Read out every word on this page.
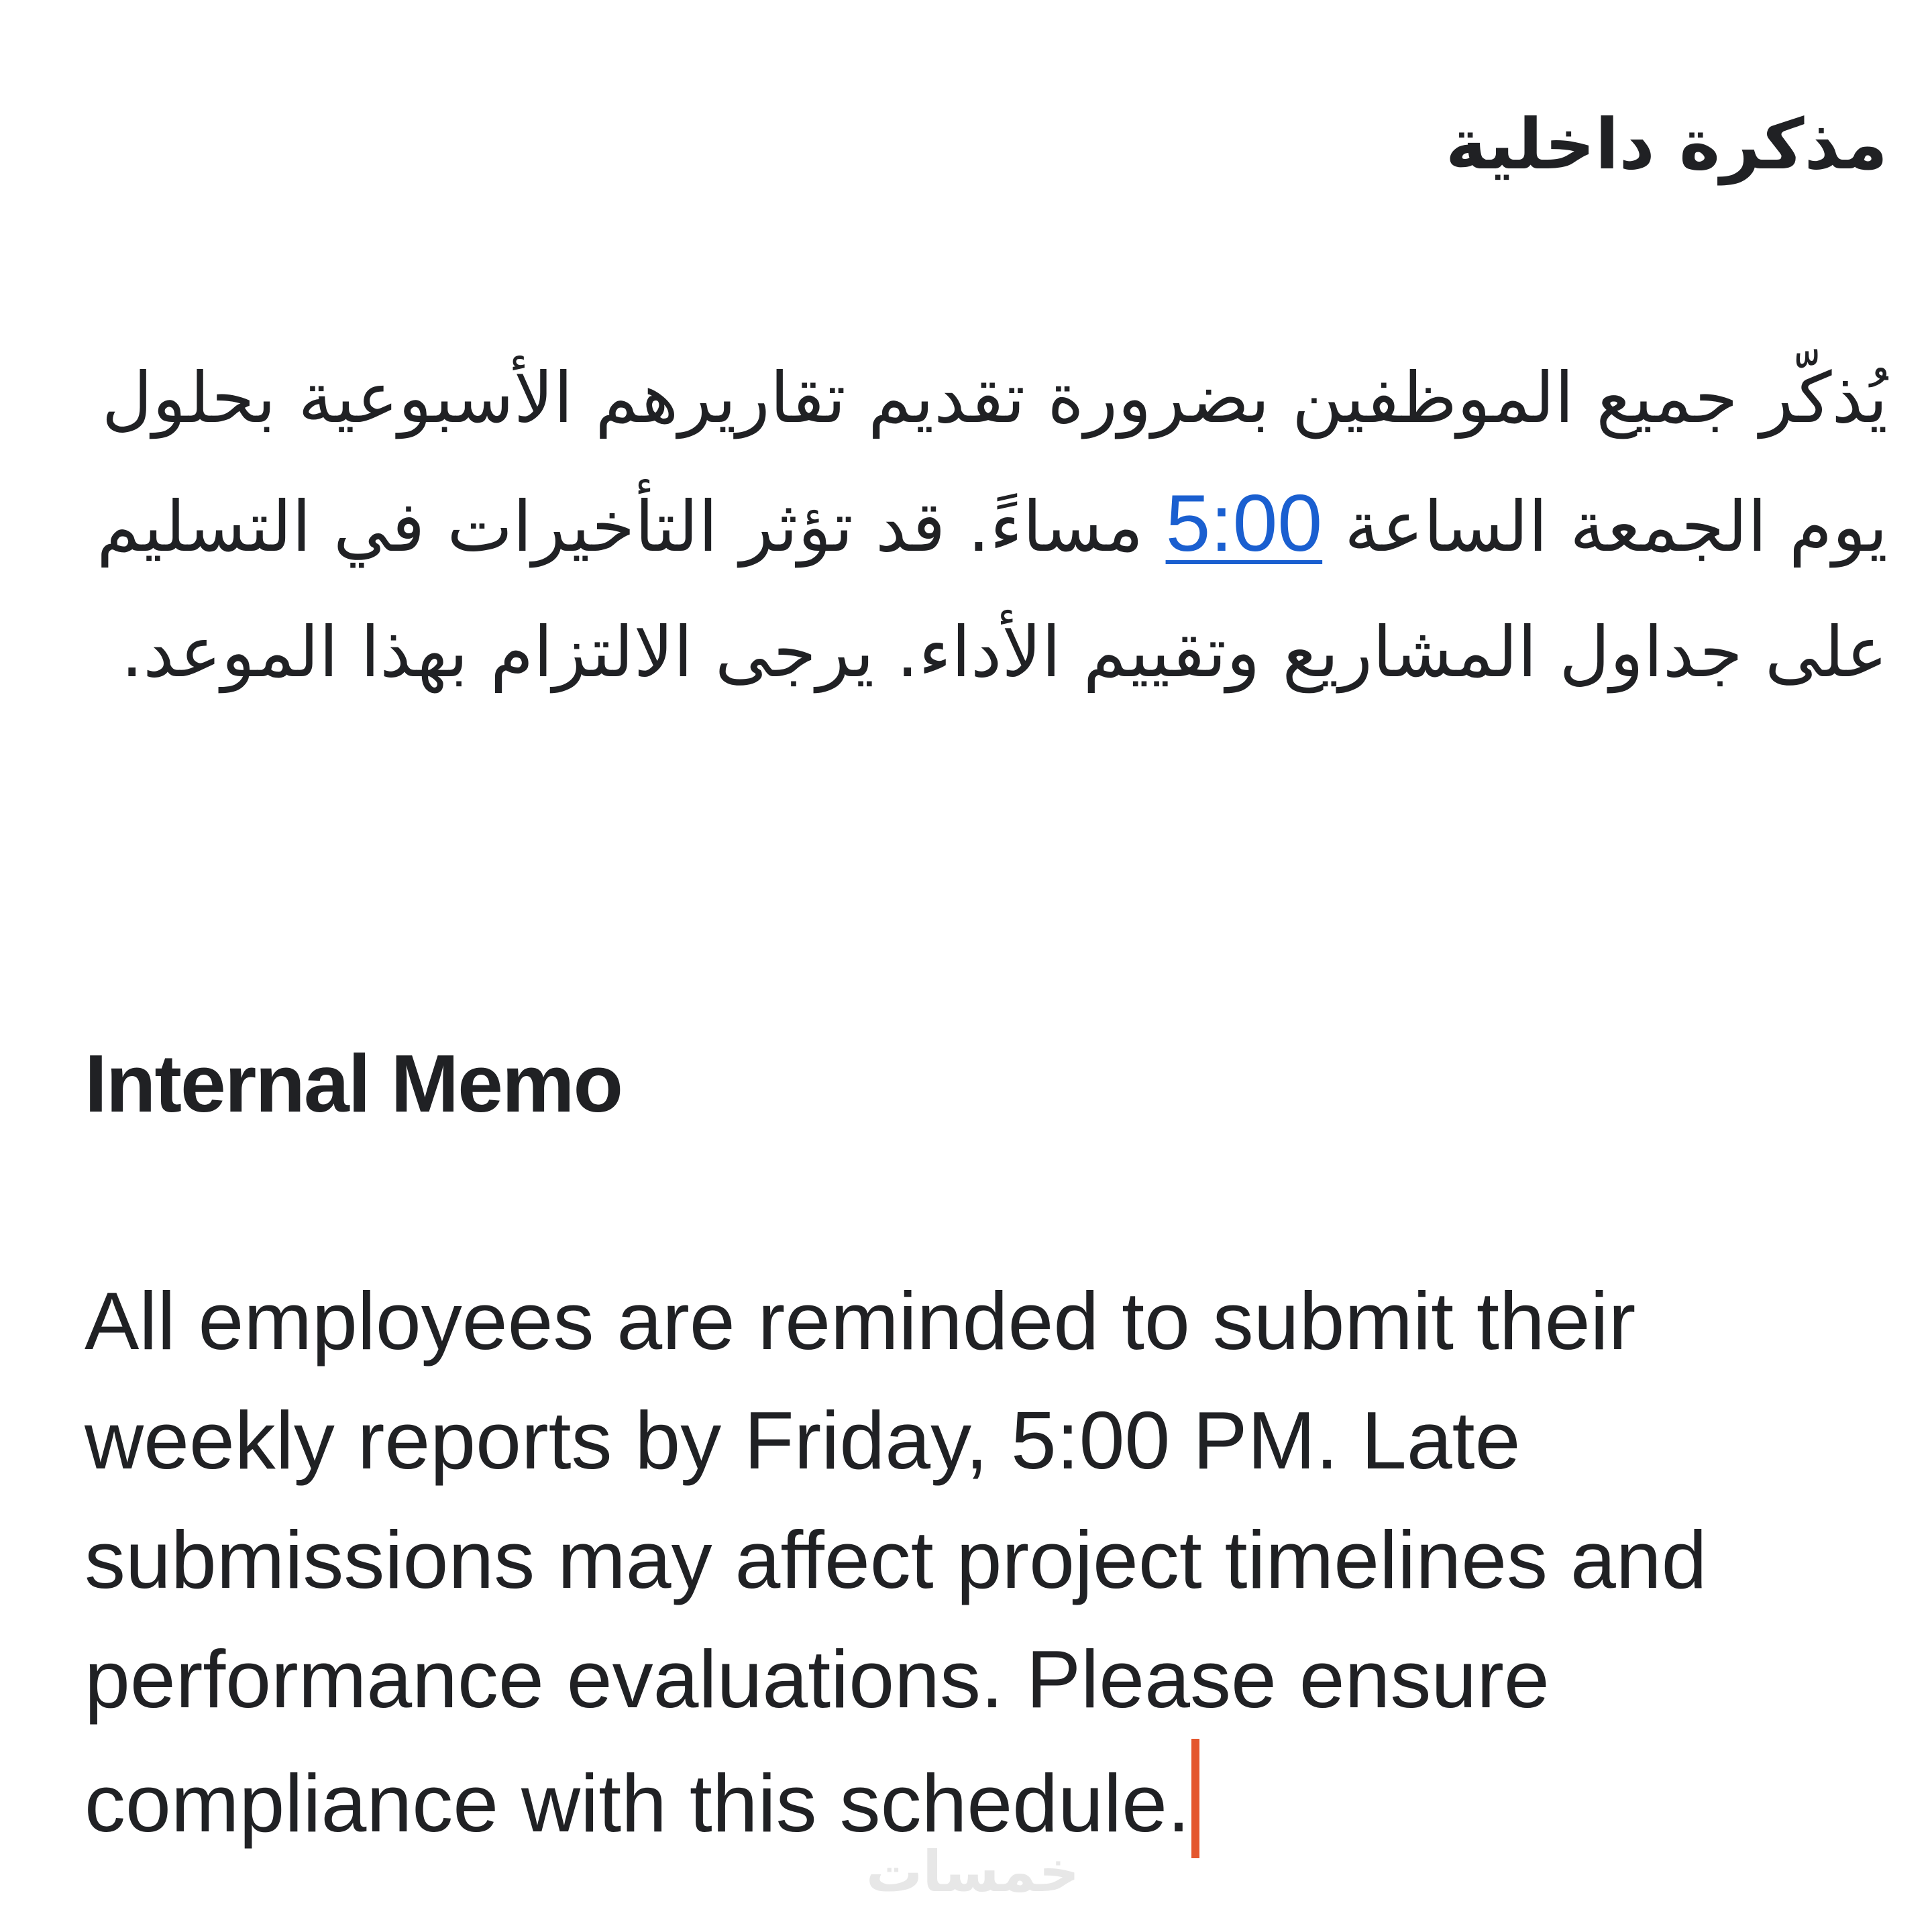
مذكرة داخلية

يُذكّر جميع الموظفين بضرورة تقديم تقاريرهم الأسبوعية بحلول يوم الجمعة الساعة 5:00 مساءً. قد تؤثر التأخيرات في التسليم على جداول المشاريع وتقييم الأداء. يرجى الالتزام بهذا الموعد.

Internal Memo

All employees are reminded to submit their
weekly reports by Friday, 5:00 PM. Late
submissions may affect project timelines and
performance evaluations. Please ensure
compliance with this schedule.

خمسات
